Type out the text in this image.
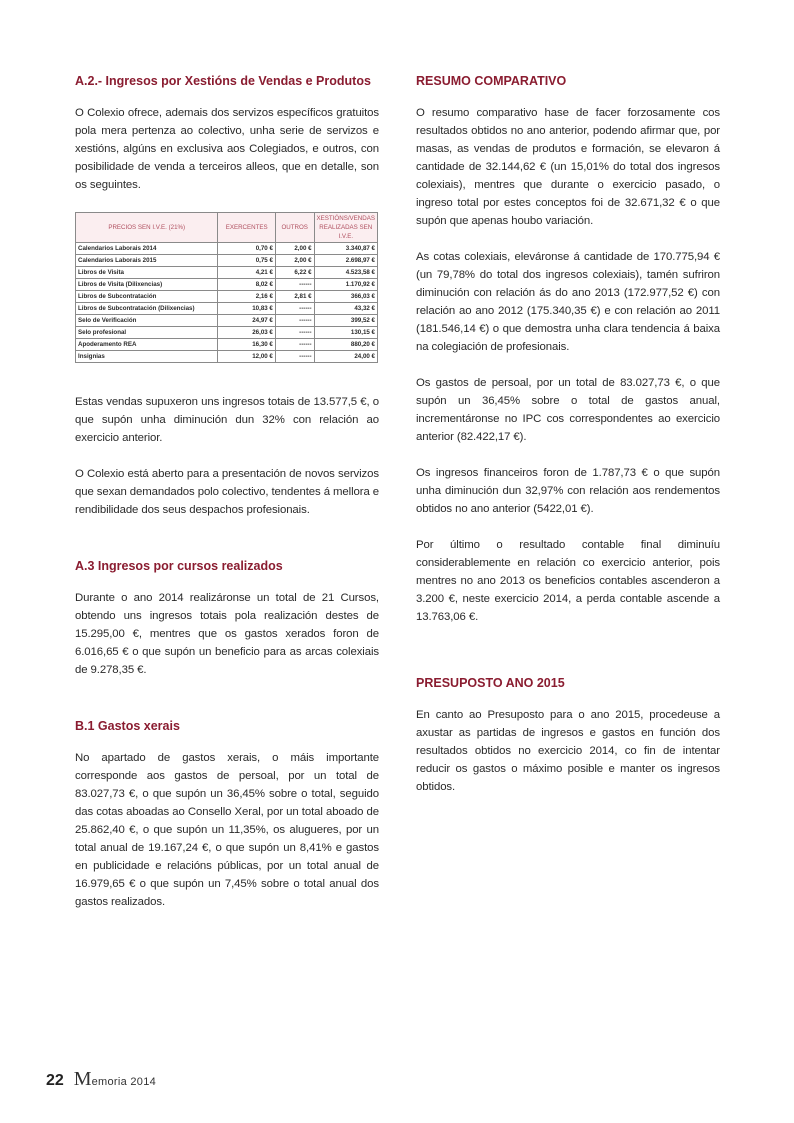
A.2.- Ingresos por Xestións de Vendas e Produtos

O Colexio ofrece, ademais dos servizos específicos gratuitos pola mera pertenza ao colectivo, unha serie de servizos e xestións, algúns en exclusiva aos Colegiados, e outros, con posibilidade de venda a terceiros alleos, que en detalle, son os seguintes.

PRECIOS SEN I.V.E. (21%)	EXERCENTES	OUTROS	XESTIÓNS/VENDAS REALIZADAS SEN I.V.E.
Calendarios Laborais 2014	0,70 €	2,00 €	3.340,87 €
Calendarios Laborais 2015	0,75 €	2,00 €	2.698,97 €
Libros de Visita	4,21 €	6,22 €	4.523,58 €
Libros de Visita (Dilixencias)	8,02 €	------	1.170,92 €
Libros de Subcontratación	2,16 €	2,81 €	366,03 €
Libros de Subcontratación (Dilixencias)	10,83 €	------	43,32 €
Selo de Verificación	24,97 €	------	399,52 €
Selo profesional	26,03 €	------	130,15 €
Apoderamento REA	16,30 €	------	880,20 €
Insignias	12,00 €	------	24,00 €

Estas vendas supuxeron uns ingresos totais de 13.577,5 €, o que supón unha diminución dun 32% con relación ao exercicio anterior.

O Colexio está aberto para a presentación de novos servizos que sexan demandados polo colectivo, tendentes á mellora e rendibilidade dos seus despachos profesionais.

A.3 Ingresos por cursos realizados

Durante o ano 2014 realizáronse un total de 21 Cursos, obtendo uns ingresos totais pola realización destes de 15.295,00 €, mentres que os gastos xerados foron de 6.016,65 € o que supón un beneficio para as arcas colexiais de 9.278,35 €.

B.1 Gastos xerais

No apartado de gastos xerais, o máis importante corresponde aos gastos de persoal, por un total de 83.027,73 €, o que supón un 36,45% sobre o total, seguido das cotas aboadas ao Consello Xeral, por un total aboado de 25.862,40 €, o que supón un 11,35%, os alugueres, por un total anual de 19.167,24 €, o que supón un 8,41% e gastos en publicidade e relacións públicas, por un total anual de 16.979,65 € o que supón un 7,45% sobre o total anual dos gastos realizados.

RESUMO COMPARATIVO

O resumo comparativo hase de facer forzosamente cos resultados obtidos no ano anterior, podendo afirmar que, por masas, as vendas de produtos e formación, se elevaron á cantidade de 32.144,62 € (un 15,01% do total dos ingresos colexiais), mentres que durante o exercicio pasado, o ingreso total por estes conceptos foi de 32.671,32 € o que supón que apenas houbo variación.

As cotas colexiais, eleváronse á cantidade de 170.775,94 € (un 79,78% do total dos ingresos colexiais), tamén sufriron diminución con relación ás do ano 2013 (172.977,52 €) con relación ao ano 2012 (175.340,35 €) e con relación ao 2011 (181.546,14 €) o que demostra unha clara tendencia á baixa na colegiación de profesionais.

Os gastos de persoal, por un total de 83.027,73 €, o que supón un 36,45% sobre o total de gastos anual, incrementáronse no IPC cos correspondentes ao exercicio anterior (82.422,17 €).

Os ingresos financeiros foron de 1.787,73 € o que supón unha diminución dun 32,97% con relación aos rendementos obtidos no ano anterior (5422,01 €).

Por último o resultado contable final diminuíu considerablemente en relación co exercicio anterior, pois mentres no ano 2013 os beneficios contables ascenderon a 3.200 €, neste exercicio 2014, a perda contable ascende a 13.763,06 €.

PRESUPOSTO ANO 2015

En canto ao Presuposto para o ano 2015, procedeuse a axustar as partidas de ingresos e gastos en función dos resultados obtidos no exercicio 2014, co fin de intentar reducir os gastos o máximo posible e manter os ingresos obtidos.

22 M emoria 2014
